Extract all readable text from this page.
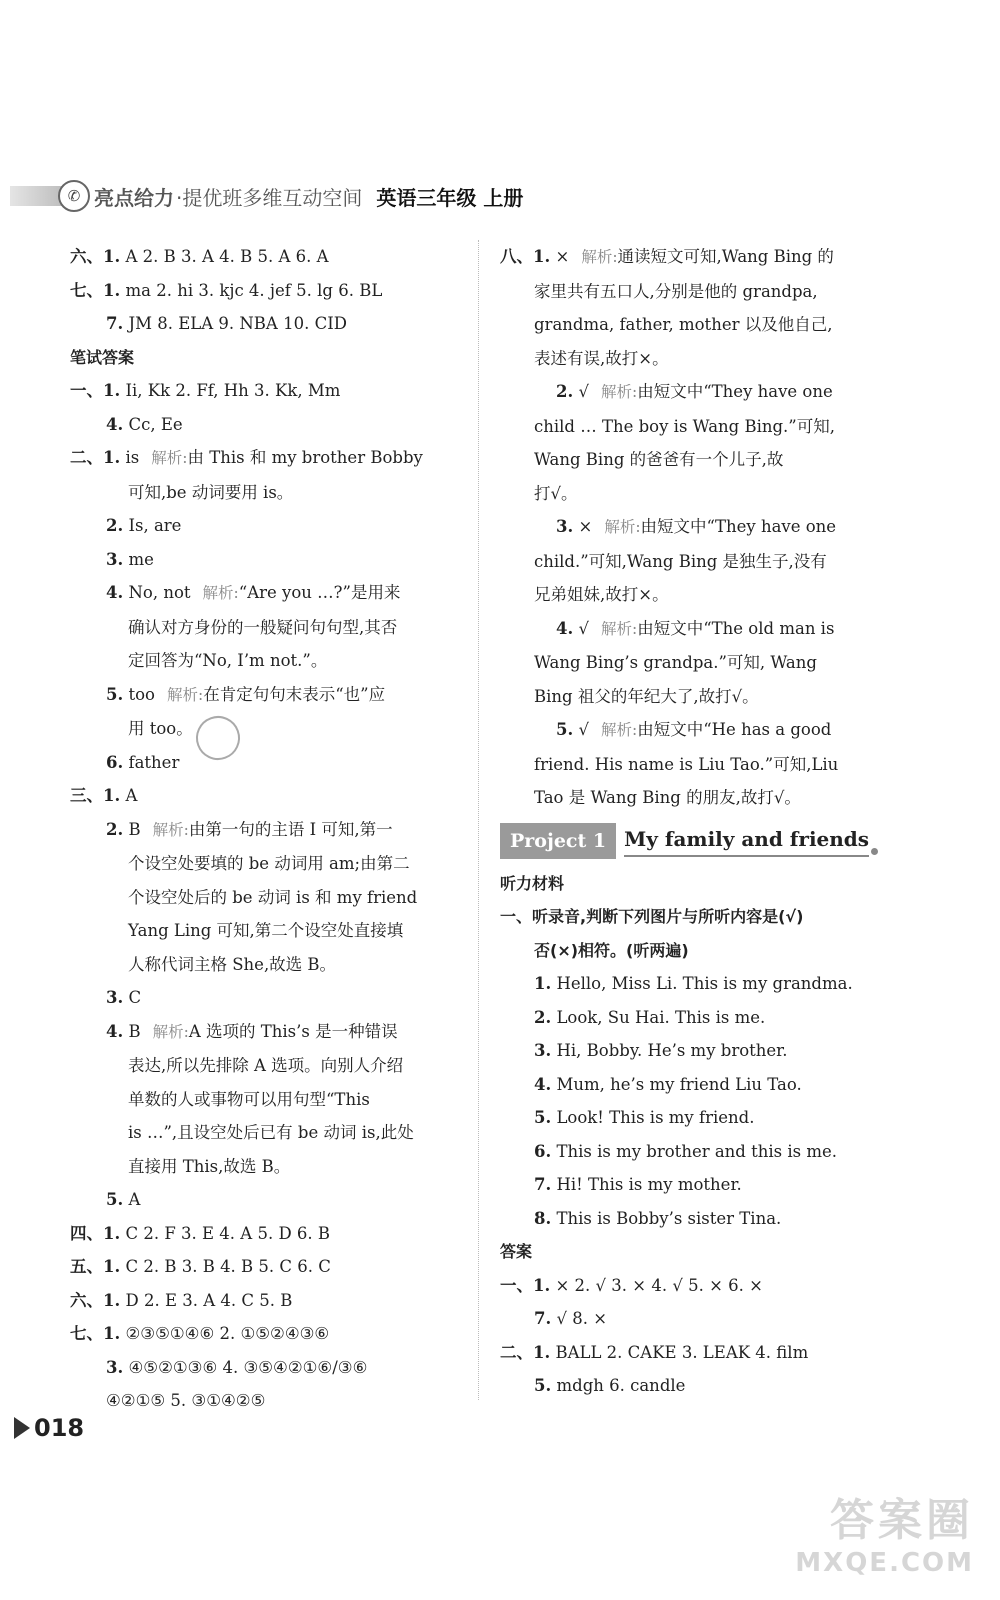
✆ 亮点给力 ·提优班多维互动空间 英语三年级 上册
六、1. A 2. B 3. A 4. B 5. A 6. A
七、1. ma 2. hi 3. kjc 4. jef 5. lg 6. BL
7. JM 8. ELA 9. NBA 10. CID
笔试答案
一、1. Ii, Kk 2. Ff, Hh 3. Kk, Mm
4. Cc, Ee
二、1. is 解析:由 This 和 my brother Bobby
可知,be 动词要用 is。
2. Is, are
3. me
4. No, not 解析:“Are you …?”是用来
确认对方身份的一般疑问句句型,其否
定回答为“No, I’m not.”。
5. too 解析:在肯定句句末表示“也”应
用 too。
6. father
三、1. A
2. B 解析:由第一句的主语 I 可知,第一
个设空处要填的 be 动词用 am;由第二
个设空处后的 be 动词 is 和 my friend
Yang Ling 可知,第二个设空处直接填
人称代词主格 She,故选 B。
3. C
4. B 解析:A 选项的 This’s 是一种错误
表达,所以先排除 A 选项。向别人介绍
单数的人或事物可以用句型“This
is …”,且设空处后已有 be 动词 is,此处
直接用 This,故选 B。
5. A
四、1. C 2. F 3. E 4. A 5. D 6. B
五、1. C 2. B 3. B 4. B 5. C 6. C
六、1. D 2. E 3. A 4. C 5. B
七、1. ②③⑤①④⑥ 2. ①⑤②④③⑥
3. ④⑤②①③⑥ 4. ③⑤④②①⑥/③⑥
④②①⑤ 5. ③①④②⑤
八、1. × 解析:通读短文可知,Wang Bing 的
家里共有五口人,分别是他的 grandpa,
grandma, father, mother 以及他自己,
表述有误,故打×。
2. √ 解析:由短文中“They have one
child … The boy is Wang Bing.”可知,
Wang Bing 的爸爸有一个儿子,故
打√。
3. × 解析:由短文中“They have one
child.”可知,Wang Bing 是独生子,没有
兄弟姐妹,故打×。
4. √ 解析:由短文中“The old man is
Wang Bing’s grandpa.”可知, Wang
Bing 祖父的年纪大了,故打√。
5. √ 解析:由短文中“He has a good
friend. His name is Liu Tao.”可知,Liu
Tao 是 Wang Bing 的朋友,故打√。
Project 1 My family and friends
听力材料
一、听录音,判断下列图片与所听内容是(√)
否(×)相符。(听两遍)
1. Hello, Miss Li. This is my grandma.
2. Look, Su Hai. This is me.
3. Hi, Bobby. He’s my brother.
4. Mum, he’s my friend Liu Tao.
5. Look! This is my friend.
6. This is my brother and this is me.
7. Hi! This is my mother.
8. This is Bobby’s sister Tina.
答案
一、1. × 2. √ 3. × 4. √ 5. × 6. ×
7. √ 8. ×
二、1. BALL 2. CAKE 3. LEAK 4. film
5. mdgh 6. candle
018
答案圈
MXQE.COM
